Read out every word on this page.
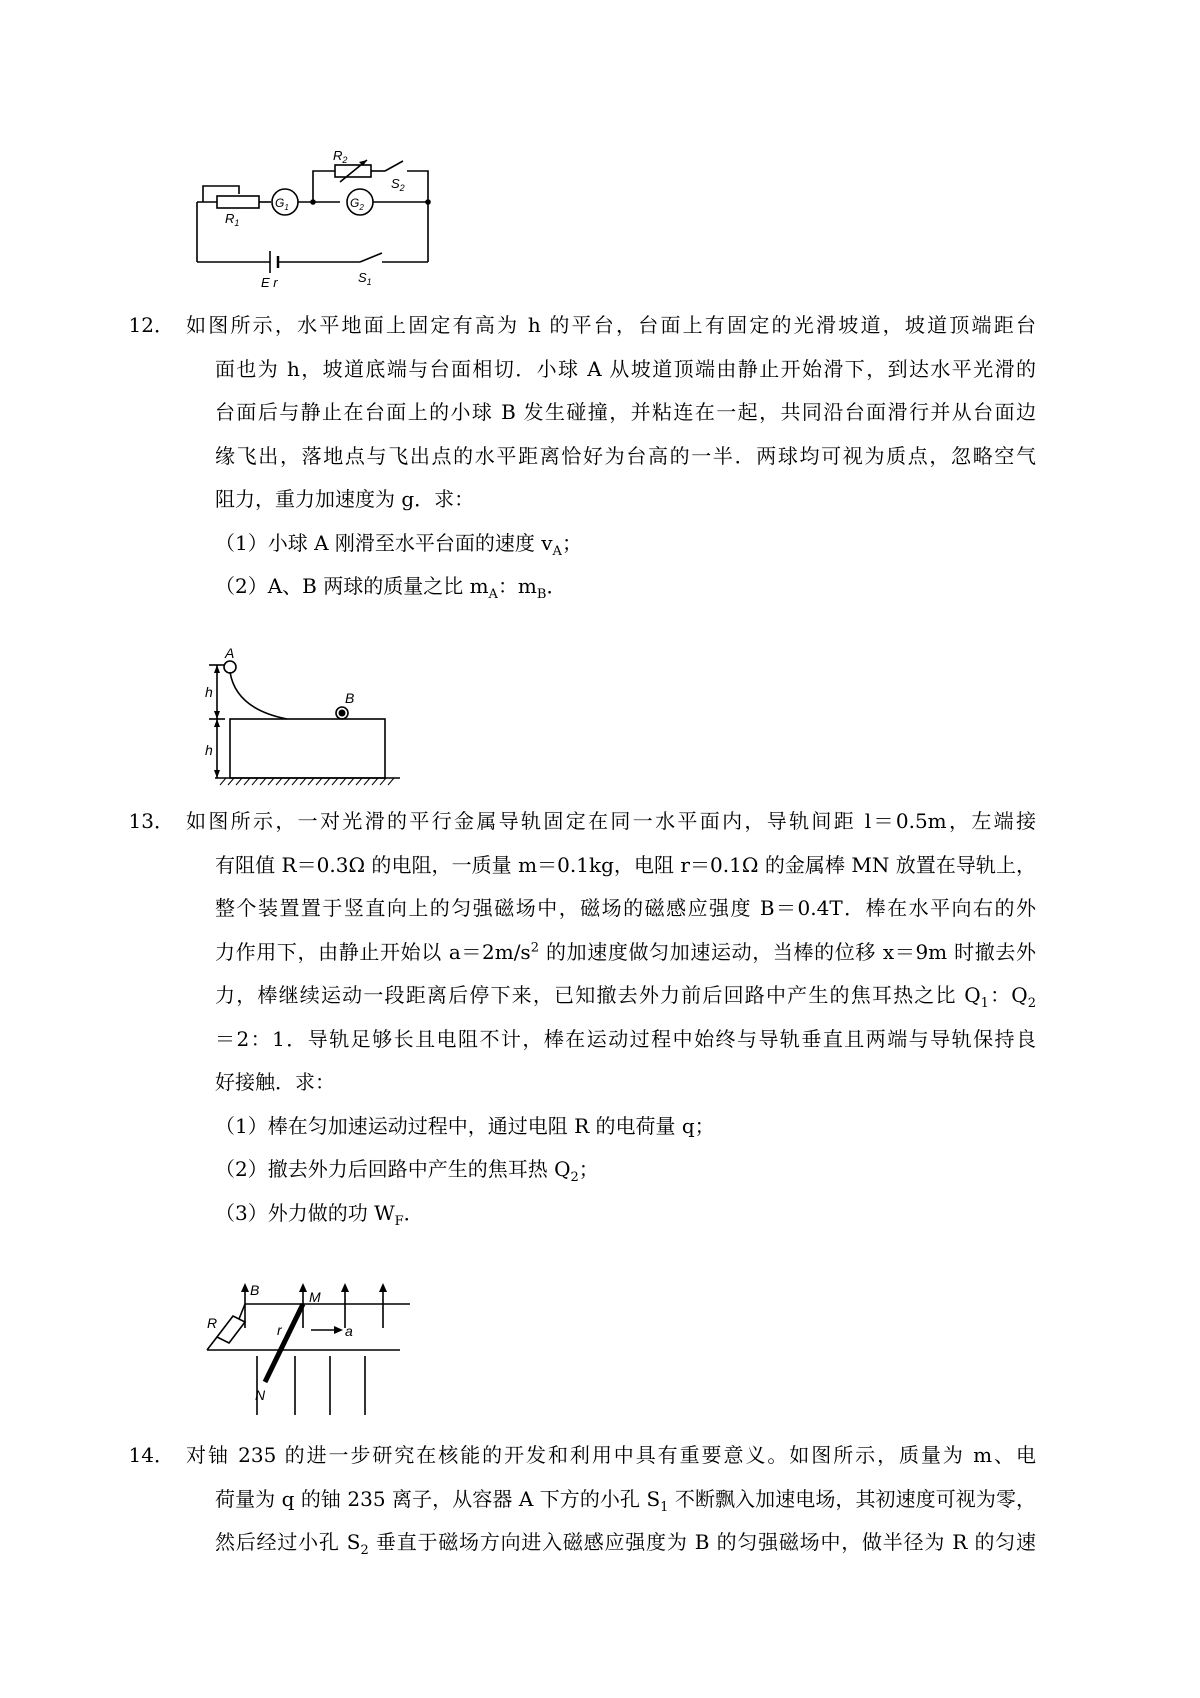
$R_1$
$R_2$
$G_1$	$G_2$
$S_2$
$S_1$
E r
12． 如图所示，水平地面上固定有高为 h 的平台，台面上有固定的光滑坡道，坡道顶端距台
面也为 h，坡道底端与台面相切．小球 A 从坡道顶端由静止开始滑下，到达水平光滑的
台面后与静止在台面上的小球 B 发生碰撞，并粘连在一起，共同沿台面滑行并从台面边
缘飞出，落地点与飞出点的水平距离恰好为台高的一半．两球均可视为质点，忽略空气
阻力，重力加速度为 g．求：
（1）小球 A 刚滑至水平台面的速度 $v_A$；
（2）A、B 两球的质量之比 $m_A$：$m_B$．
A
B
h
h
13． 如图所示，一对光滑的平行金属导轨固定在同一水平面内，导轨间距 l＝0.5m，左端接
有阻值 R＝0.3Ω 的电阻，一质量 m＝0.1kg，电阻 r＝0.1Ω 的金属棒 MN 放置在导轨上，
整个装置置于竖直向上的匀强磁场中，磁场的磁感应强度 B＝0.4T．棒在水平向右的外
力作用下，由静止开始以 $a=2m/s^2$ 的加速度做匀加速运动，当棒的位移 x＝9m 时撤去外
力，棒继续运动一段距离后停下来，已知撤去外力前后回路中产生的焦耳热之比 $Q_1$：$Q_2$
＝2：1．导轨足够长且电阻不计，棒在运动过程中始终与导轨垂直且两端与导轨保持良
好接触．求：
（1）棒在匀加速运动过程中，通过电阻 R 的电荷量 q；
（2）撤去外力后回路中产生的焦耳热 $Q_2$；
（3）外力做的功 $W_F$．
B	M
N
R	r	a
14． 对铀 235 的进一步研究在核能的开发和利用中具有重要意义。如图所示，质量为 m、电
荷量为 q 的铀 235 离子，从容器 A 下方的小孔 $S_1$ 不断飘入加速电场，其初速度可视为零，
然后经过小孔 $S_2$ 垂直于磁场方向进入磁感应强度为 B 的匀强磁场中，做半径为 R 的匀速
